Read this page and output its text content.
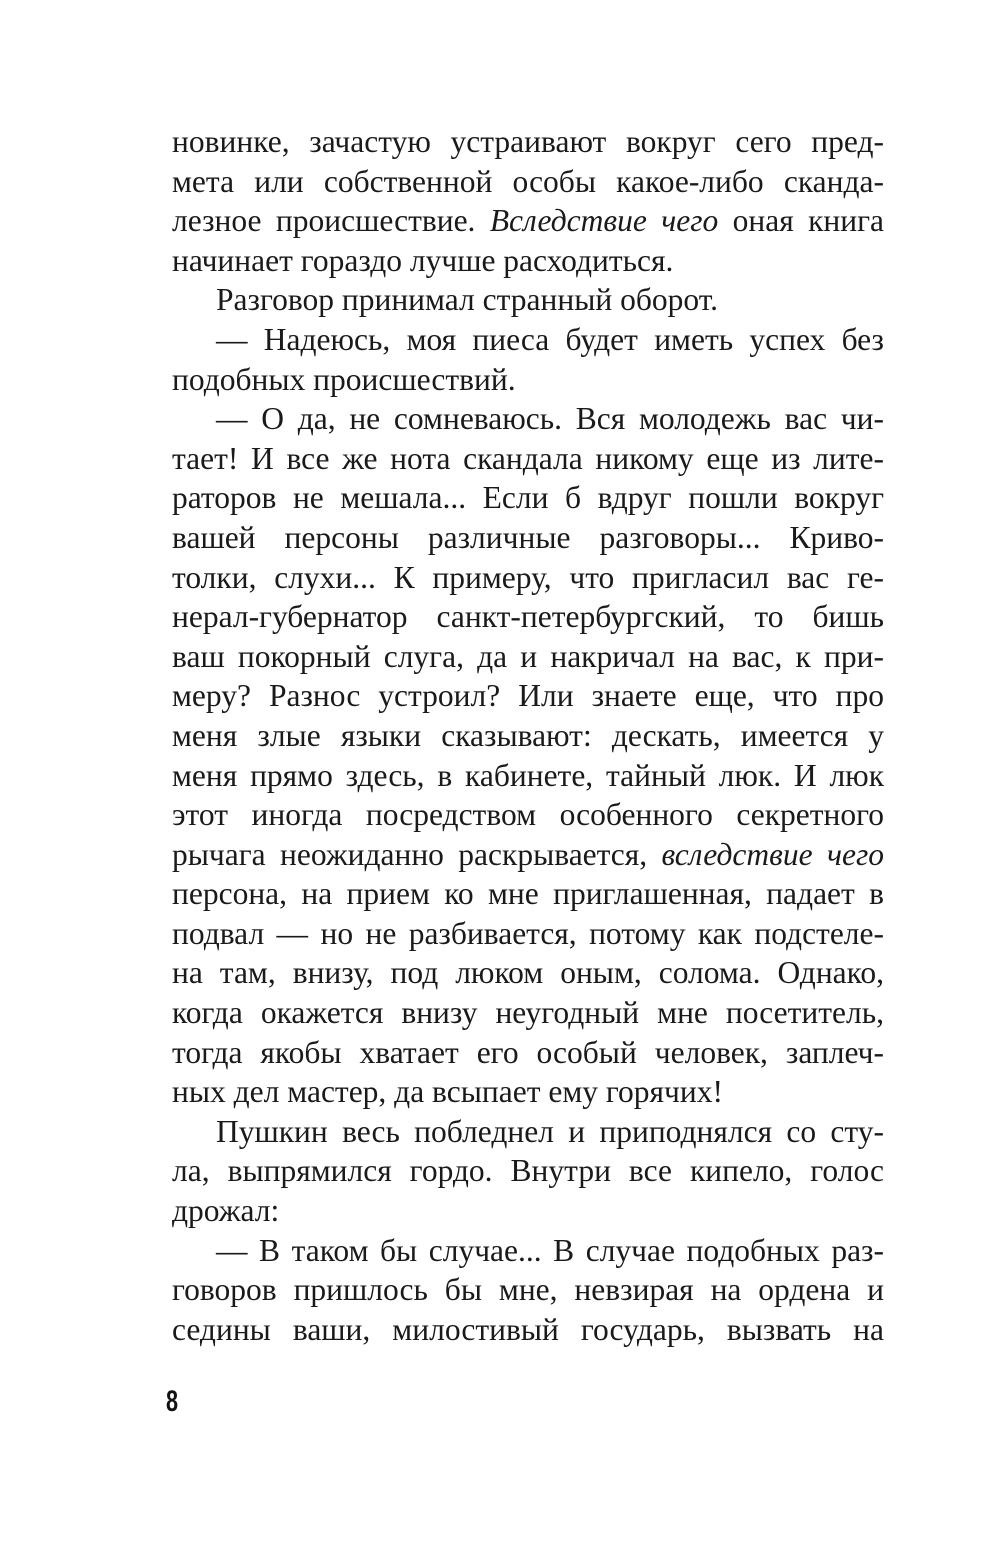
новинке, зачастую устраивают вокруг сего пред-
мета или собственной особы какое-либо сканда-
лезное происшествие. Вследствие чего оная книга
начинает гораздо лучше расходиться.
Разговор принимал странный оборот.
— Надеюсь, моя пиеса будет иметь успех без
подобных происшествий.
— О да, не сомневаюсь. Вся молодежь вас чи-
тает! И все же нота скандала никому еще из лите-
раторов не мешала... Если б вдруг пошли вокруг
вашей персоны различные разговоры... Криво-
толки, слухи... К примеру, что пригласил вас ге-
нерал-губернатор санкт-петербургский, то бишь
ваш покорный слуга, да и накричал на вас, к при-
меру? Разнос устроил? Или знаете еще, что про
меня злые языки сказывают: дескать, имеется у
меня прямо здесь, в кабинете, тайный люк. И люк
этот иногда посредством особенного секретного
рычага неожиданно раскрывается, вследствие чего
персона, на прием ко мне приглашенная, падает в
подвал — но не разбивается, потому как подстеле-
на там, внизу, под люком оным, солома. Однако,
когда окажется внизу неугодный мне посетитель,
тогда якобы хватает его особый человек, заплеч-
ных дел мастер, да всыпает ему горячих!
Пушкин весь побледнел и приподнялся со сту-
ла, выпрямился гордо. Внутри все кипело, голос
дрожал:
— В таком бы случае... В случае подобных раз-
говоров пришлось бы мне, невзирая на ордена и
седины ваши, милостивый государь, вызвать на
8
